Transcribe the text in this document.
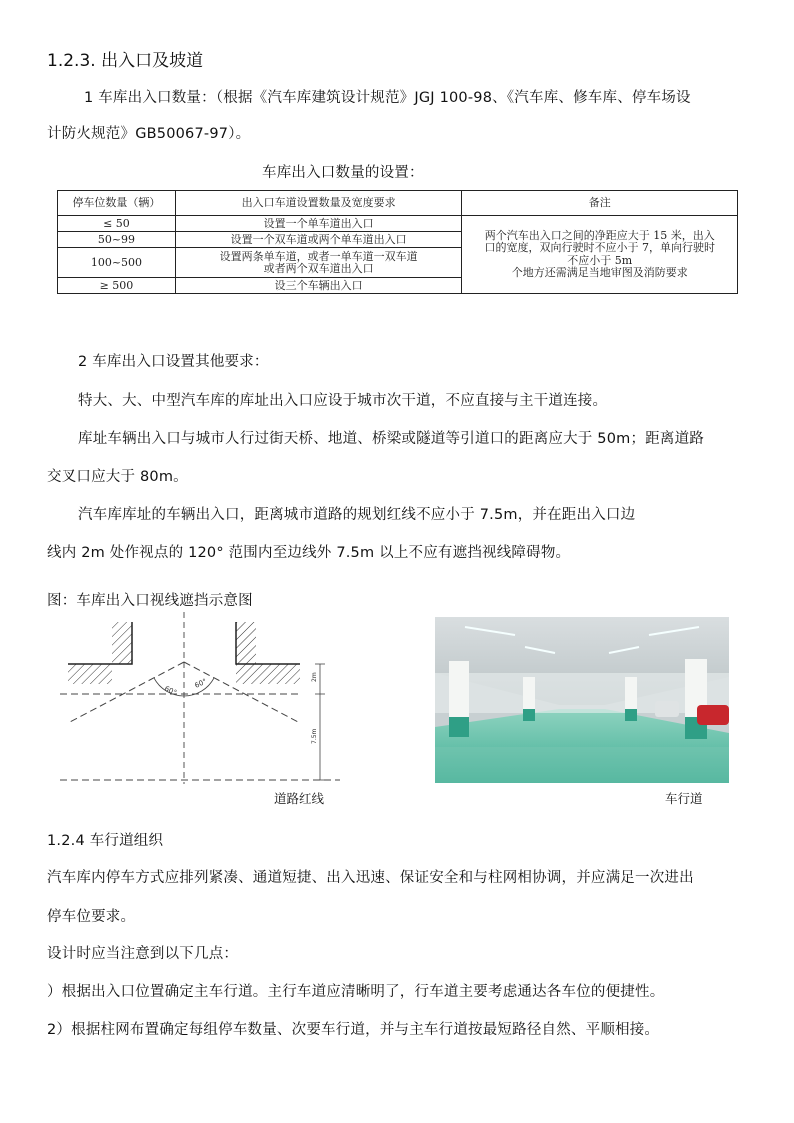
1.2.3. 出入口及坡道
1 车库出入口数量：（根据《汽车库建筑设计规范》JGJ 100-98、《汽车库、修车库、停车场设
计防火规范》GB50067-97）。
车库出入口数量的设置：
停车位数量（辆）	出入口车道设置数量及宽度要求	备注
≤ 50	设置一个单车道出入口	两个汽车出入口之间的净距应大于 15 米，出入
口的宽度，双向行驶时不应小于 7，单向行驶时
不应小于 5m
个地方还需满足当地审图及消防要求

50~99	设置一个双车道或两个单车道出入口	
100~500	设置两条单车道，或者一单车道一双车道
或者两个双车道出入口	

≥ 500	设三个车辆出入口	
2 车库出入口设置其他要求：
特大、大、中型汽车库的库址出入口应设于城市次干道，不应直接与主干道连接。
库址车辆出入口与城市人行过街天桥、地道、桥梁或隧道等引道口的距离应大于 50m；距离道路
交叉口应大于 80m。
汽车库库址的车辆出入口，距离城市道路的规划红线不应小于 7.5m，并在距出入口边
线内 2m 处作视点的 120° 范围内至边线外 7.5m 以上不应有遮挡视线障碍物。
图：车库出入口视线遮挡示意图
60°
60°
2m
7.5m
道路红线	车行道
1.2.4 车行道组织
汽车库内停车方式应排列紧凑、通道短捷、出入迅速、保证安全和与柱网相协调，并应满足一次进出
停车位要求。
设计时应当注意到以下几点：
）根据出入口位置确定主车行道。主行车道应清晰明了，行车道主要考虑通达各车位的便捷性。
2）根据柱网布置确定每组停车数量、次要车行道，并与主车行道按最短路径自然、平顺相接。
